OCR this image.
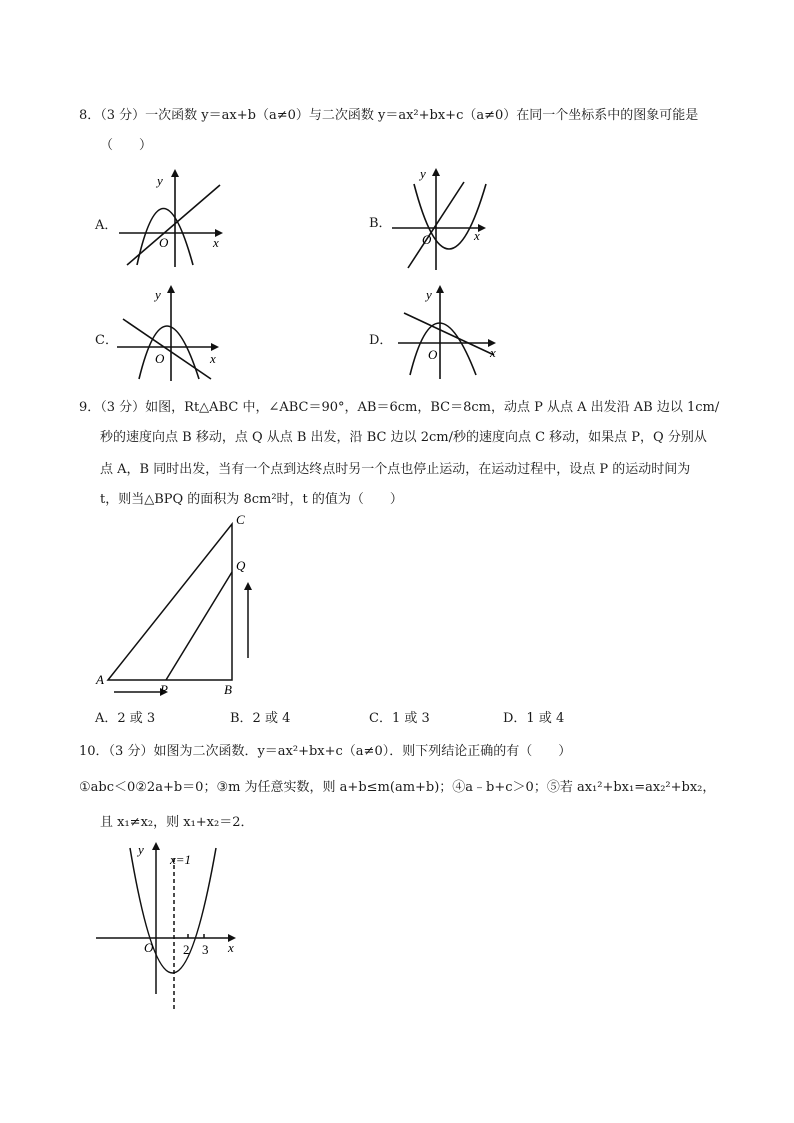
8．（3 分）一次函数 y＝ax+b（a≠0）与二次函数 y＝ax²+bx+c（a≠0）在同一个坐标系中的图象可能是
（　　）
A．
y
x
O
B．
y
x
O
C．
y
x
O
D．
y
x
O
9．（3 分）如图，Rt△ABC 中，∠ABC＝90°，AB＝6cm，BC＝8cm，动点 P 从点 A 出发沿 AB 边以 1cm/
秒的速度向点 B 移动，点 Q 从点 B 出发，沿 BC 边以 2cm/秒的速度向点 C 移动，如果点 P，Q 分别从
点 A，B 同时出发，当有一个点到达终点时另一个点也停止运动，在运动过程中，设点 P 的运动时间为
t，则当△BPQ 的面积为 8cm²时，t 的值为（　　）
C
Q
A
P	B
A．2 或 3	B．2 或 4	C．1 或 3	D．1 或 4
10．（3 分）如图为二次函数．y＝ax²+bx+c（a≠0）．则下列结论正确的有（　　）
①abc＜0②2a+b＝0；③m 为任意实数，则 a+b≤m(am+b)；④a﹣b+c＞0；⑤若 ax₁²+bx₁=ax₂²+bx₂，
且 x₁≠x₂，则 x₁+x₂＝2．
y
x=1
x
O 2 3
